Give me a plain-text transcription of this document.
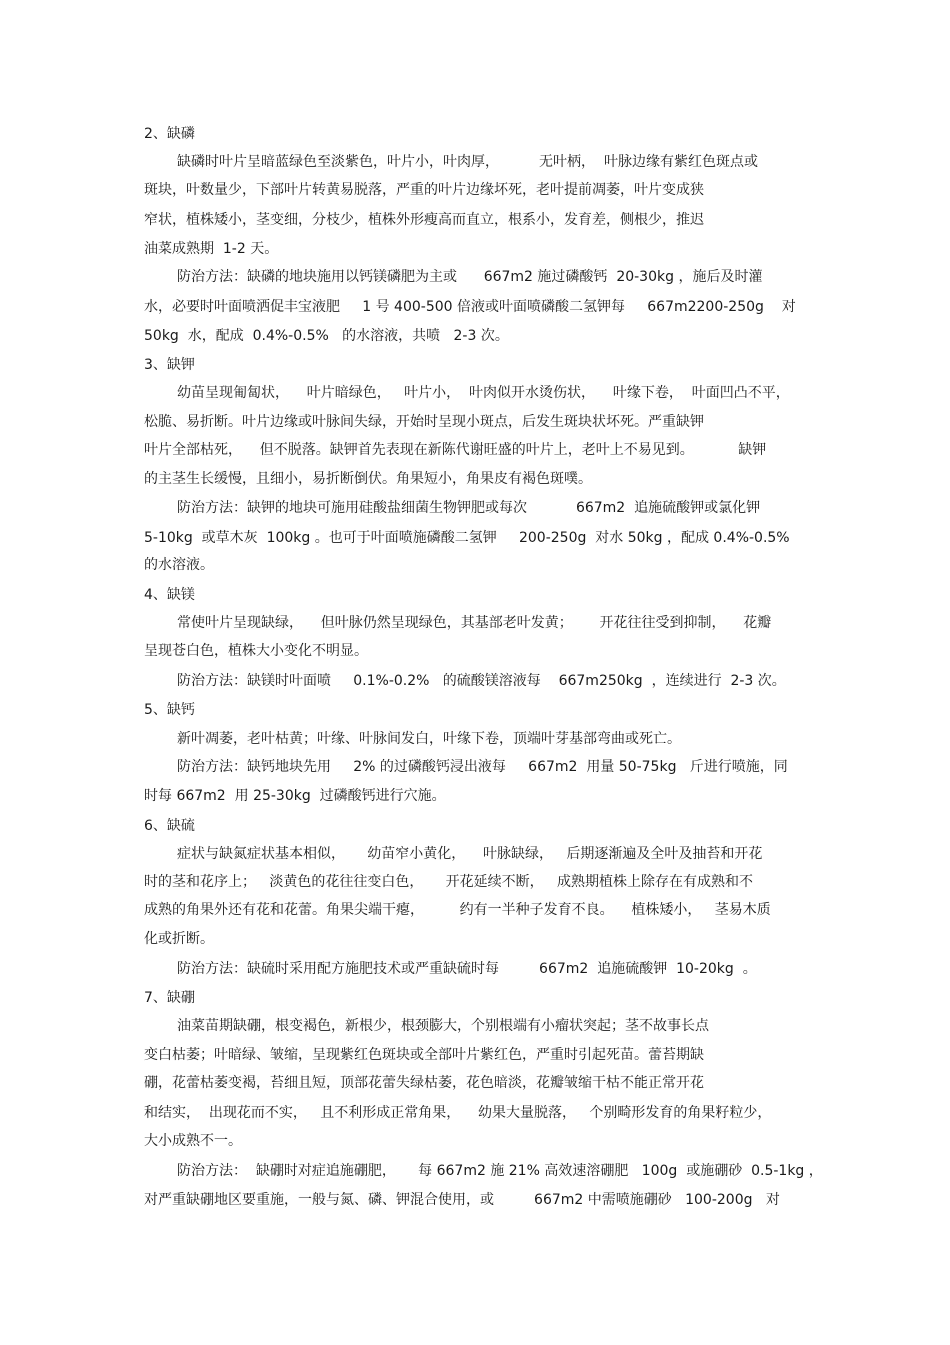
2、缺磷

缺磷时叶片呈暗蓝绿色至淡紫色，叶片小，叶肉厚，         无叶柄，  叶脉边缘有紫红色斑点或

斑块，叶数量少，下部叶片转黄易脱落，严重的叶片边缘坏死，老叶提前凋萎，叶片变成狭

窄状，植株矮小，茎变细，分枝少，植株外形瘦高而直立，根系小，发育差，侧根少，推迟

油菜成熟期  1-2 天。

防治方法：缺磷的地块施用以钙镁磷肥为主或      667m2 施过磷酸钙  20-30kg ，施后及时灌

水，必要时叶面喷洒促丰宝液肥     1 号 400-500 倍液或叶面喷磷酸二氢钾每     667m2200-250g    对

50kg  水，配成  0.4%-0.5%   的水溶液，共喷   2-3 次。

3、缺钾

幼苗呈现匍匐状，    叶片暗绿色，   叶片小，  叶肉似开水烫伤状，    叶缘下卷，  叶面凹凸不平，

松脆、易折断。叶片边缘或叶脉间失绿，开始时呈现小斑点，后发生斑块状坏死。严重缺钾

叶片全部枯死，    但不脱落。缺钾首先表现在新陈代谢旺盛的叶片上，老叶上不易见到。          缺钾

的主茎生长缓慢，且细小，易折断倒伏。角果短小，角果皮有褐色斑噗。

防治方法：缺钾的地块可施用硅酸盐细菌生物钾肥或每次           667m2  追施硫酸钾或氯化钾

5-10kg  或草木灰  100kg 。也可于叶面喷施磷酸二氢钾     200-250g  对水 50kg ，配成 0.4%-0.5%

的水溶液。

4、缺镁

常使叶片呈现缺绿，    但叶脉仍然呈现绿色，其基部老叶发黄；      开花往往受到抑制，    花瓣

呈现苍白色，植株大小变化不明显。

防治方法：缺镁时叶面喷     0.1%-0.2%   的硫酸镁溶液每    667m250kg  ，连续进行  2-3 次。

5、缺钙

新叶凋萎，老叶枯黄；叶缘、叶脉间发白，叶缘下卷，顶端叶芽基部弯曲或死亡。

防治方法：缺钙地块先用     2% 的过磷酸钙浸出液每     667m2  用量 50-75kg   斤进行喷施，同

时每 667m2  用 25-30kg  过磷酸钙进行穴施。

6、缺硫

症状与缺氮症状基本相似，     幼苗窄小黄化，    叶脉缺绿，   后期逐渐遍及全叶及抽苔和开花

时的茎和花序上；   淡黄色的花往往变白色，     开花延续不断，   成熟期植株上除存在有成熟和不

成熟的角果外还有花和花蕾。角果尖端干瘪，        约有一半种子发育不良。    植株矮小，   茎易木质

化或折断。

防治方法：缺硫时采用配方施肥技术或严重缺硫时每         667m2  追施硫酸钾  10-20kg  。

7、缺硼

油菜苗期缺硼，根变褐色，新根少，根颈膨大，个别根端有小瘤状突起；茎不故事长点

变白枯萎；叶暗绿、皱缩，呈现紫红色斑块或全部叶片紫红色，严重时引起死苗。蕾苔期缺

硼，花蕾枯萎变褐，苔细且短，顶部花蕾失绿枯萎，花色暗淡，花瓣皱缩干枯不能正常开花

和结实，  出现花而不实，   且不利形成正常角果，    幼果大量脱落，   个别畸形发育的角果籽粒少，

大小成熟不一。

防治方法：  缺硼时对症追施硼肥，     每 667m2 施 21% 高效速溶硼肥   100g  或施硼砂  0.5-1kg ，

对严重缺硼地区要重施，一般与氮、磷、钾混合使用，或         667m2 中需喷施硼砂   100-200g   对
